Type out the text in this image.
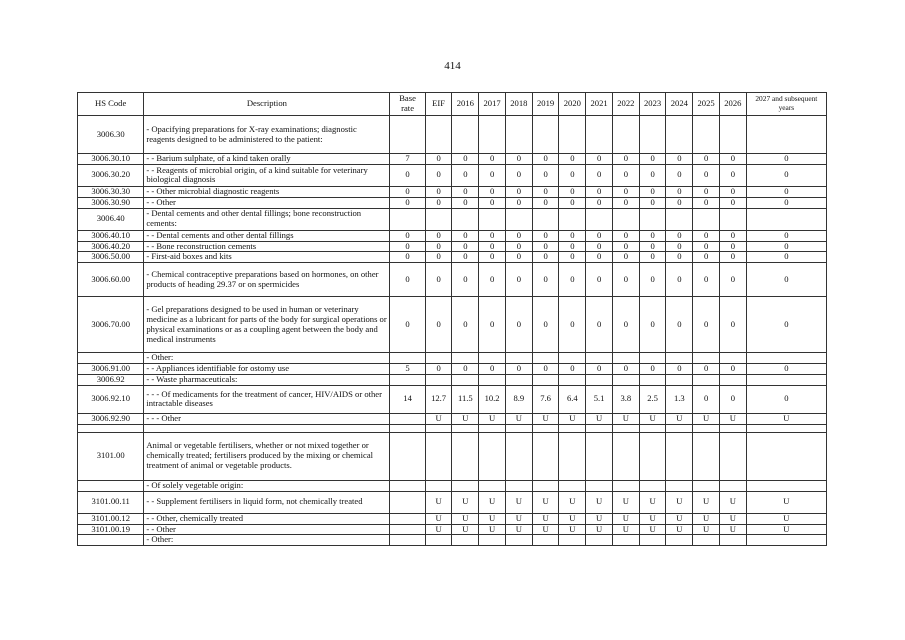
414
HS Code	Description	Base rate	EIF	2016	2017	2018	2019	2020	2021	2022	2023	2024	2025	2026	2027 and subsequent years
3006.30	- Opacifying preparations for X-ray examinations; diagnostic reagents designed to be administered to the patient:														
3006.30.10	- - Barium sulphate, of a kind taken orally	7	0	0	0	0	0	0	0	0	0	0	0	0	0
3006.30.20	- - Reagents of microbial origin, of a kind suitable for veterinary biological diagnosis	0	0	0	0	0	0	0	0	0	0	0	0	0	0
3006.30.30	- - Other microbial diagnostic reagents	0	0	0	0	0	0	0	0	0	0	0	0	0	0
3006.30.90	- - Other	0	0	0	0	0	0	0	0	0	0	0	0	0	0
3006.40	- Dental cements and other dental fillings; bone reconstruction cements:														
3006.40.10	- - Dental cements and other dental fillings	0	0	0	0	0	0	0	0	0	0	0	0	0	0
3006.40.20	- - Bone reconstruction cements	0	0	0	0	0	0	0	0	0	0	0	0	0	0
3006.50.00	- First-aid boxes and kits	0	0	0	0	0	0	0	0	0	0	0	0	0	0
3006.60.00	- Chemical contraceptive preparations based on hormones, on other products of heading 29.37 or on spermicides	0	0	0	0	0	0	0	0	0	0	0	0	0	0
3006.70.00	- Gel preparations designed to be used in human or veterinary medicine as a lubricant for parts of the body for surgical operations or physical examinations or as a coupling agent between the body and medical instruments	0	0	0	0	0	0	0	0	0	0	0	0	0	0
	- Other:														
3006.91.00	- - Appliances identifiable for ostomy use	5	0	0	0	0	0	0	0	0	0	0	0	0	0
3006.92	- - Waste pharmaceuticals:														
3006.92.10	- - - Of medicaments for the treatment of cancer, HIV/AIDS or other intractable diseases	14	12.7	11.5	10.2	8.9	7.6	6.4	5.1	3.8	2.5	1.3	0	0	0
3006.92.90	- - - Other		U	U	U	U	U	U	U	U	U	U	U	U	U

3101.00	Animal or vegetable fertilisers, whether or not mixed together or chemically treated; fertilisers produced by the mixing or chemical treatment of animal or vegetable products.														
	- Of solely vegetable origin:														
3101.00.11	- - Supplement fertilisers in liquid form, not chemically treated		U	U	U	U	U	U	U	U	U	U	U	U	U
3101.00.12	- - Other, chemically treated		U	U	U	U	U	U	U	U	U	U	U	U	U
3101.00.19	- - Other		U	U	U	U	U	U	U	U	U	U	U	U	U
	- Other:														
